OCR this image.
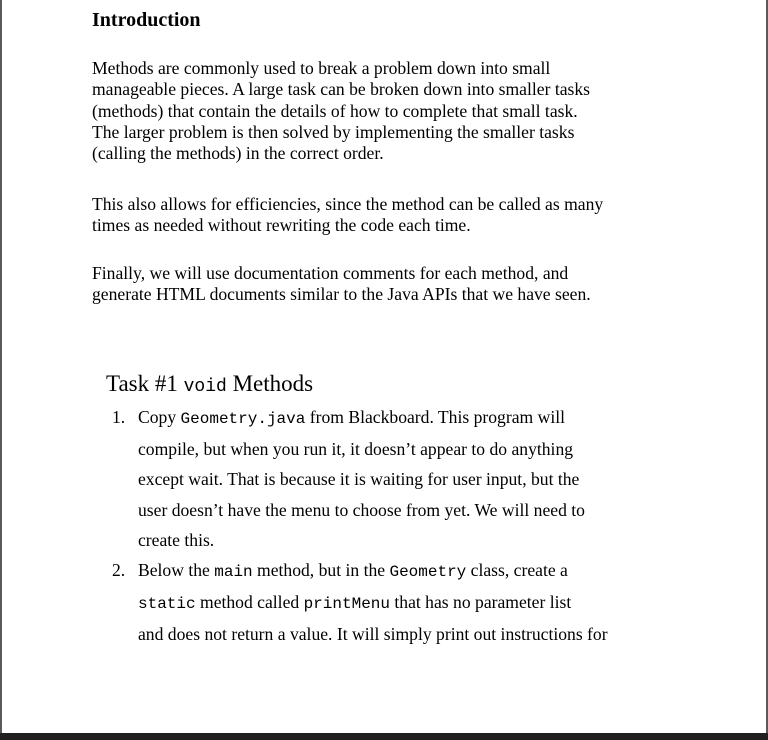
Introduction

Methods are commonly used to break a problem down into small
manageable pieces. A large task can be broken down into smaller tasks
(methods) that contain the details of how to complete that small task.
The larger problem is then solved by implementing the smaller tasks
(calling the methods) in the correct order.

This also allows for efficiencies, since the method can be called as many
times as needed without rewriting the code each time.

Finally, we will use documentation comments for each method, and
generate HTML documents similar to the Java APIs that we have seen.

Task #1 void Methods
1. Copy Geometry.java from Blackboard. This program will
compile, but when you run it, it doesn’t appear to do anything
except wait. That is because it is waiting for user input, but the
user doesn’t have the menu to choose from yet. We will need to
create this.
2. Below the main method, but in the Geometry class, create a
static method called printMenu that has no parameter list
and does not return a value. It will simply print out instructions for
